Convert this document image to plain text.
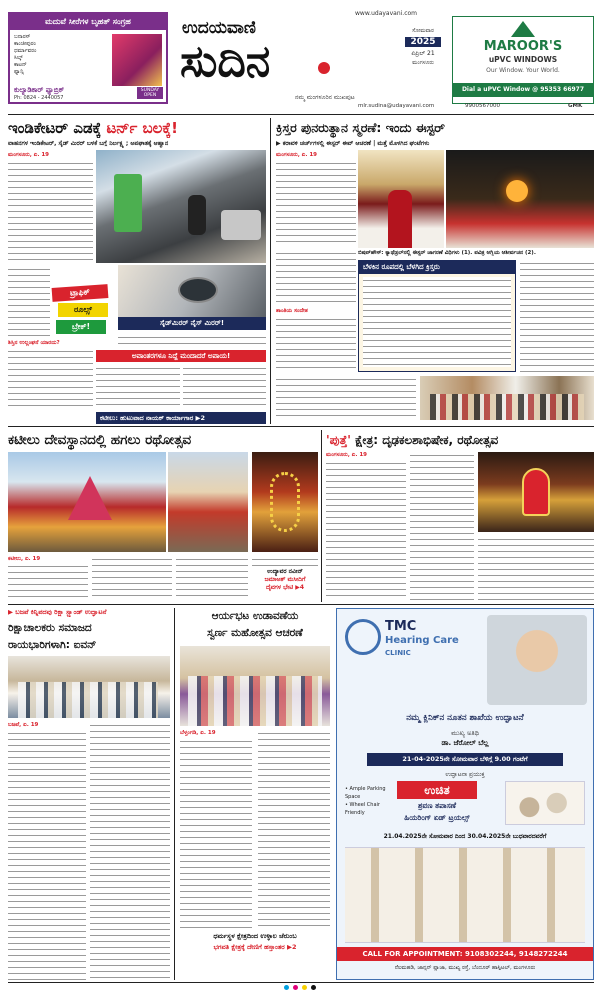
ಮದುವೆ ಸೀರೆಗಳ ಬೃಹತ್ ಸಂಗ್ರಹ
ಬನಾರಸ್
ಕಾಂಚೀಪುರಂ
ಧರ್ಮಾವರಂ
ಸಿಲ್ಕ್
ಕಾಟನ್
ಫ್ಯಾನ್ಸಿ
ಕುಲ್ಯಾಡಿಕಾರ್ ಫ್ಯಾಬ್ರಿಕ್
Ph: 0824 - 2440057
SUNDAY OPEN
www.udayavani.com
ಉದಯವಾಣಿ
ಸುದಿನ
ಸೋಮವಾರ
2025
ಏಪ್ರಿಲ್ 21
ಮಂಗಳೂರು
ನಮ್ಮ ಮಂಗಳೂರಿನ ಮುಖಪುಟ
MAROOR'S
uPVC WINDOWS
Our Window. Your World.
Dial a uPVC Window @ 95353 66977
mlr.sudina@udayavani.com	9900567000	GMK
ಇಂಡಿಕೇಟರ್ ಎಡಕ್ಕೆ ಟರ್ನ್ ಬಲಕ್ಕೆ!
ವಾಹನಗಳ ಇಂಡಿಕೇಟರ್, ಸೈಡ್ ಮಿರರ್ ಬಳಕೆ ಬಗ್ಗೆ ನಿರ್ಲಕ್ಷ್ಯ ; ಅಪಘಾತಕ್ಕೆ ಆಹ್ವಾನ
ಮಂಗಳೂರು, ಏ. 19
ಟ್ರಾಫಿಕ್
ರೂಲ್ಸ್
ಬ್ರೇಕ್!	ಸೈಡ್‌ಮಿರರ್ ನೈಸ್ ಮಿರರ್!
ಅವಾಂತರಗಳೂ ನಿದ್ದೆ ಮಂದಾದರೆ ಅಪಾಯ!
ಶಿಸ್ತಿನ ಉಲ್ಲಂಘನೆ ಯಾರದು?
ಕಟೀಲು: ಹುಟುವಾದ ನಾಯಕ್ ಕಾರ್ಯಾಗಾರ ▶2
ಕ್ರಿಸ್ತರ ಪುನರುತ್ಥಾನ ಸ್ಮರಣೆ: ಇಂದು ಈಸ್ಟರ್
▶ ಕರಾವಳಿ ಚರ್ಚ್‌ಗಳಲ್ಲಿ ಈಸ್ಟರ್ ಈವ್ ಆಚರಣೆ | ಮತ್ತೆ ಮೊಳಗಿದ ಘಂಟೆಗಳು
ಮಂಗಳೂರು, ಏ. 19
ಬಿಷಪ್‌ಹೌಸ್: ಕ್ಯಾಥೆಡ್ರಲ್‌ನಲ್ಲಿ ಈಸ್ಟರ್ ಜಾಗರಣೆ ವಿಧಿಗಳು (1). ಪವಿತ್ರ ಅಗ್ನಿಯ ಆಶೀರ್ವಚನ (2).
ಶಾಂತಿಯ ಸಂದೇಶ
ಬೆಳಕಿನ ರೂಪದಲ್ಲಿ ಬೆಳಗಿದ ಕ್ರಿಸ್ತರು
ಕಟೀಲು ದೇವಸ್ಥಾನದಲ್ಲಿ ಹಗಲು ರಥೋತ್ಸವ
ಕಟೀಲು, ಏ. 19
ಉದ್ಯಾವರ ನವೀನ್
ಜಮಾಅತ್ ಮಸೀದಿಗೆ
ದೈವಗಳ ಭೇಟಿ ▶4
'ಪುತ್ತೆ' ಕ್ಷೇತ್ರ: ದೃಢಕಲಶಾಭಿಷೇಕ, ರಥೋತ್ಸವ
ಮಂಗಳೂರು, ಏ. 19
▶ ಬಜಪೆ ಕಿನ್ನಿಪದವು ರಿಕ್ಷಾ ಸ್ಟ್ಯಾಂಡ್ ಉದ್ಘಾಟನೆ
ರಿಕ್ಷಾಚಾಲಕರು ಸಮಾಜದ
ರಾಯಭಾರಿಗಳಾಗಿ: ಐವನ್
ಬಜಪೆ, ಏ. 19
ಆರ್ಯಭಟ ಉಡಾವಣೆಯ
ಸ್ವರ್ಣ ಮಹೋತ್ಸವ ಆಚರಣೆ
ಬೆಳ್ತಂಗಡಿ, ಏ. 19
ಧರ್ಮಸ್ಥಳ ಕ್ಷೇತ್ರದಿಂದ ಉಳ್ಳಾಲ ಚೆರುಂಬ
ಭಗವತಿ ಕ್ಷೇತ್ರಕ್ಕೆ ದೇಣಿಗೆ ಹಸ್ತಾಂತರ ▶2
TMC
Hearing Care
CLINIC
ನಮ್ಮ ಕ್ಲಿನಿಕ್‌ನ ನೂತನ ಶಾಖೆಯ ಉದ್ಘಾಟನೆ
ಮುಖ್ಯ ಅತಿಥಿ
ಡಾ. ಜೆರೋಲ್ ಬೆಲ್ಲ
21-04-2025ನೇ ಸೋಮವಾರ ಬೆಳಿಗ್ಗೆ 9.00 ಗಂಟೆಗೆ
ಉದ್ಘಾಟನಾ ಪ್ರಯುಕ್ತ
ಉಚಿತ
ಶ್ರವಣ ತಪಾಸಣೆ
ಹಿಯರಿಂಗ್ ಏಡ್ ಟ್ರಯಲ್ಸ್
• Ample Parking Space
• Wheel Chair Friendly
21.04.2025ನೇ ಸೋಮವಾರ ದಿಂದ 30.04.2025ನೇ ಬುಧವಾರದವರೆಗೆ
CALL FOR APPOINTMENT: 9108302244, 9148272244
ನೆಲಮಹಡಿ, ಜಾನ್ಸನ್ ಪ್ಲಾಜಾ, ಮುಖ್ಯ ರಸ್ತೆ, ಬೆಂದೂರ್ ಹಾಸ್ಪಿಟಲ್, ಮಂಗಳೂರು
